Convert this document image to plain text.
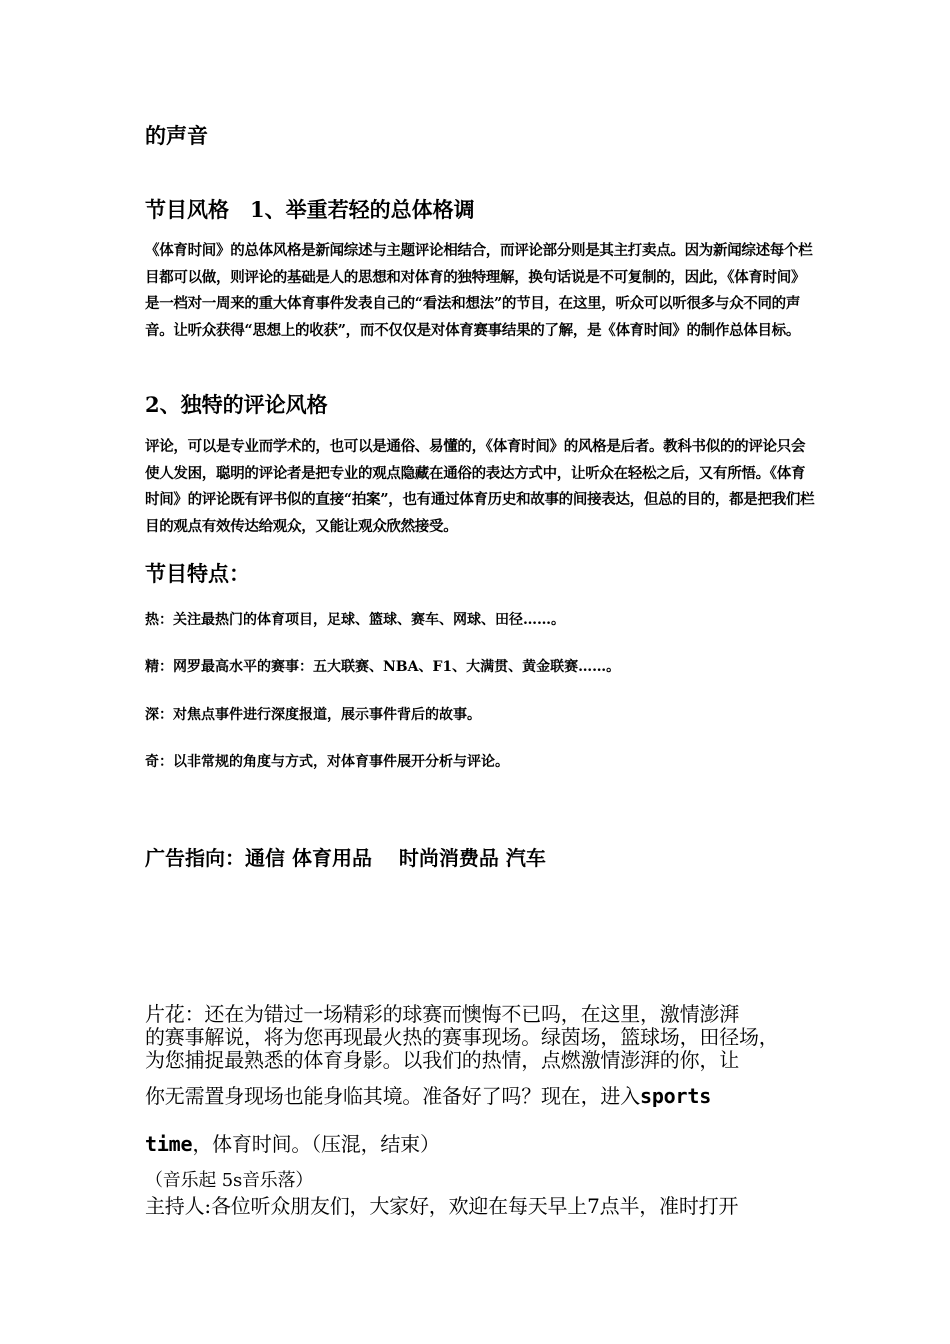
的声音
节目风格　1、举重若轻的总体格调

《体育时间》的总体风格是新闻综述与主题评论相结合，而评论部分则是其主打卖点。因为新闻综述每个栏目都可以做，则评论的基础是人的思想和对体育的独特理解，换句话说是不可复制的，因此，《体育时间》是一档对一周来的重大体育事件发表自己的“看法和想法”的节目，在这里，听众可以听很多与众不同的声音。让听众获得“思想上的收获”，而不仅仅是对体育赛事结果的了解，是《体育时间》的制作总体目标。

2、独特的评论风格

评论，可以是专业而学术的，也可以是通俗、易懂的，《体育时间》的风格是后者。教科书似的的评论只会使人发困，聪明的评论者是把专业的观点隐藏在通俗的表达方式中，让听众在轻松之后，又有所悟。《体育时间》的评论既有评书似的直接“拍案”，也有通过体育历史和故事的间接表达，但总的目的，都是把我们栏目的观点有效传达给观众，又能让观众欣然接受。

节目特点：
热：关注最热门的体育项目，足球、篮球、赛车、网球、田径……。
精：网罗最高水平的赛事：五大联赛、NBA、F1、大满贯、黄金联赛……。
深：对焦点事件进行深度报道，展示事件背后的故事。
奇：以非常规的角度与方式，对体育事件展开分析与评论。
广告指向：通信 体育用品　 时尚消费品 汽车
片花：还在为错过一场精彩的球赛而懊悔不已吗，在这里，激情澎湃
的赛事解说，将为您再现最火热的赛事现场。绿茵场，篮球场，田径场，
为您捕捉最熟悉的体育身影。以我们的热情，点燃激情澎湃的你，让
你无需置身现场也能身临其境。准备好了吗？现在，进入sports
time，体育时间。（压混，结束）
（音乐起 5s音乐落）
主持人:各位听众朋友们，大家好，欢迎在每天早上7点半，准时打开
